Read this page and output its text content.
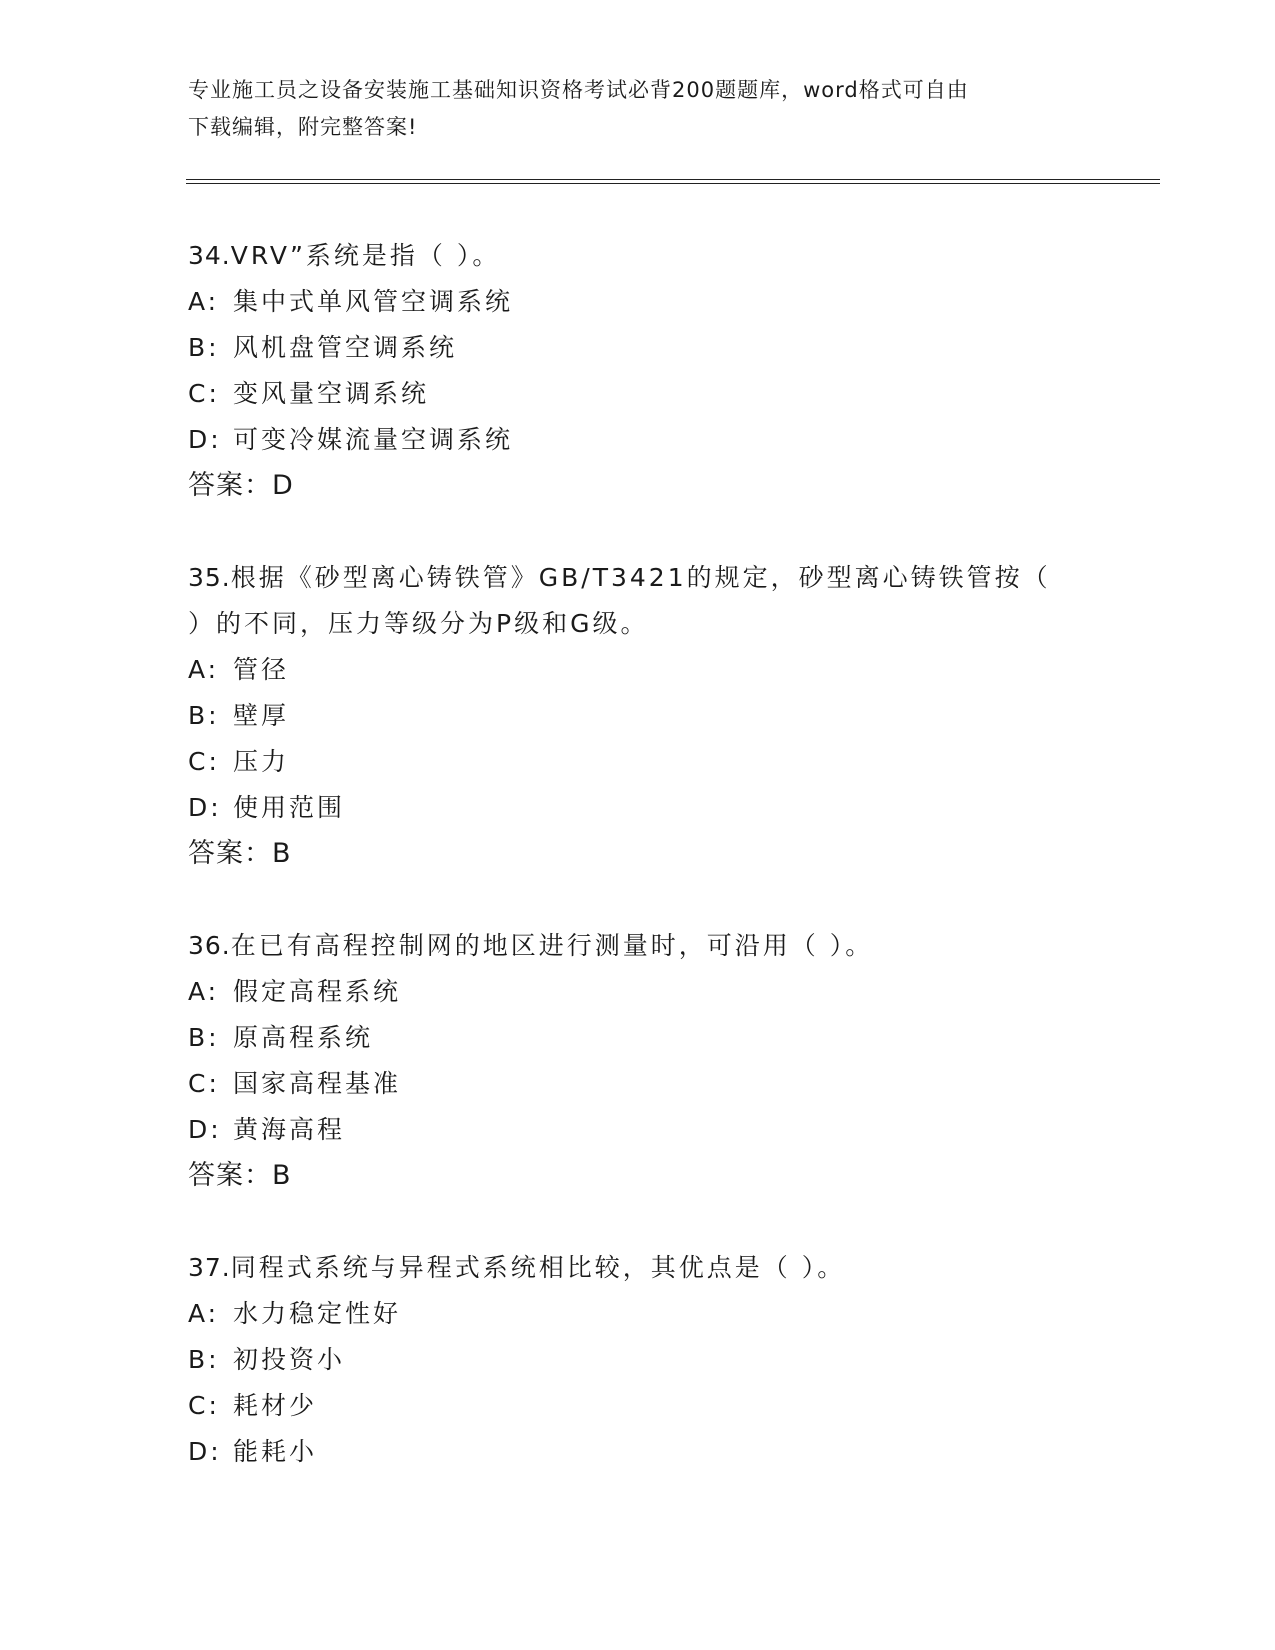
专业施工员之设备安装施工基础知识资格考试必背200题题库，word格式可自由
下载编辑，附完整答案!
34.VRV”系统是指（ ）。
A: 集中式单风管空调系统
B: 风机盘管空调系统
C: 变风量空调系统
D: 可变冷媒流量空调系统
答案：D
35.根据《砂型离心铸铁管》GB/T3421的规定，砂型离心铸铁管按（
）的不同，压力等级分为P级和G级。
A: 管径
B: 壁厚
C: 压力
D: 使用范围
答案：B
36.在已有高程控制网的地区进行测量时，可沿用（ ）。
A: 假定高程系统
B: 原高程系统
C: 国家高程基准
D: 黄海高程
答案：B
37.同程式系统与异程式系统相比较，其优点是（ ）。
A: 水力稳定性好
B: 初投资小
C: 耗材少
D: 能耗小
